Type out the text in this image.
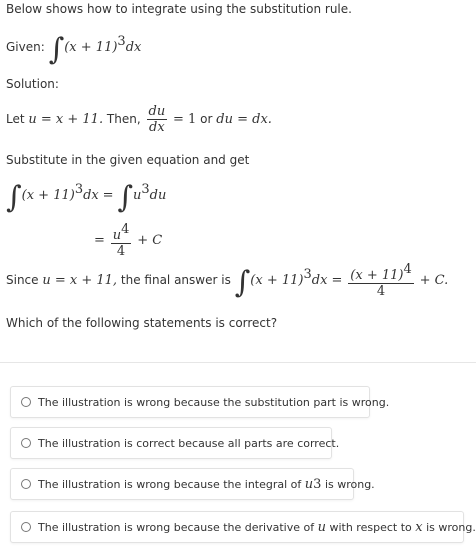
Below shows how to integrate using the substitution rule.
Given: $\int(x + 11)^3dx$
Solution:
Let u = x + 11. Then, $\frac{du}{dx} = 1$ or du = dx.
Substitute in the given equation and get
$\int(x + 11)^3dx = \int u^3du$
= $\frac{u^4}{4} + C$
Since u = x + 11, the final answer is $\int(x + 11)^3dx = \frac{(x + 11)^4}{4} + C$.
Which of the following statements is correct?
The illustration is wrong because the substitution part is wrong.
The illustration is correct because all parts are correct.
The illustration is wrong because the integral of
u 3
is wrong.
The illustration is wrong because the derivative of
u
with respect to
x
is wrong.
